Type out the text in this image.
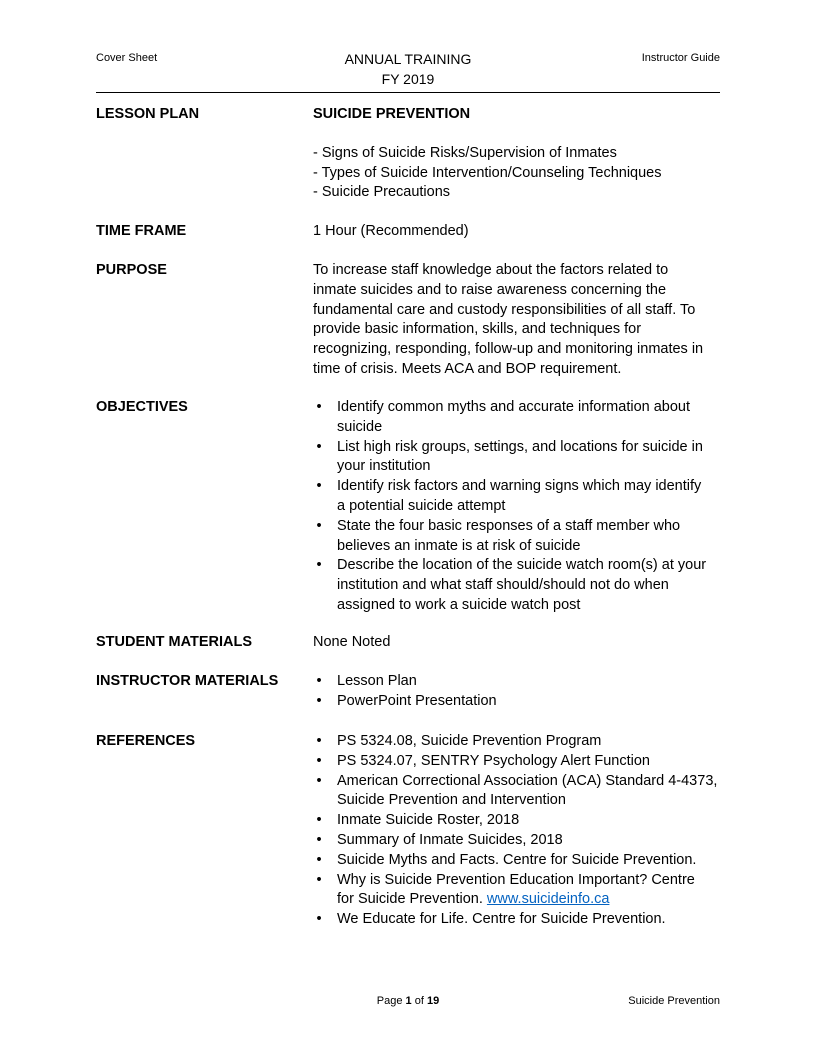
Cover Sheet	ANNUAL TRAINING
FY 2019
Instructor Guide
LESSON PLAN	SUICIDE PREVENTION
- Signs of Suicide Risks/Supervision of Inmates
- Types of Suicide Intervention/Counseling Techniques
- Suicide Precautions
TIME FRAME	1 Hour (Recommended)
PURPOSE	To increase staff knowledge about the factors related to
inmate suicides and to raise awareness concerning the
fundamental care and custody responsibilities of all staff. To
provide basic information, skills, and techniques for
recognizing, responding, follow-up and monitoring inmates in
time of crisis. Meets ACA and BOP requirement.
OBJECTIVES	• Identify common myths and accurate information about
suicide
• List high risk groups, settings, and locations for suicide in
your institution
• Identify risk factors and warning signs which may identify
a potential suicide attempt
• State the four basic responses of a staff member who
believes an inmate is at risk of suicide
• Describe the location of the suicide watch room(s) at your
institution and what staff should/should not do when
assigned to work a suicide watch post
STUDENT MATERIALS	None Noted
INSTRUCTOR MATERIALS	• Lesson Plan
• PowerPoint Presentation
REFERENCES	• PS 5324.08, Suicide Prevention Program
• PS 5324.07, SENTRY Psychology Alert Function
• American Correctional Association (ACA) Standard 4-4373,
Suicide Prevention and Intervention
• Inmate Suicide Roster, 2018
• Summary of Inmate Suicides, 2018
• Suicide Myths and Facts. Centre for Suicide Prevention.
• Why is Suicide Prevention Education Important? Centre
for Suicide Prevention. www.suicideinfo.ca
• We Educate for Life. Centre for Suicide Prevention.
Page 1 of 19	Suicide Prevention
